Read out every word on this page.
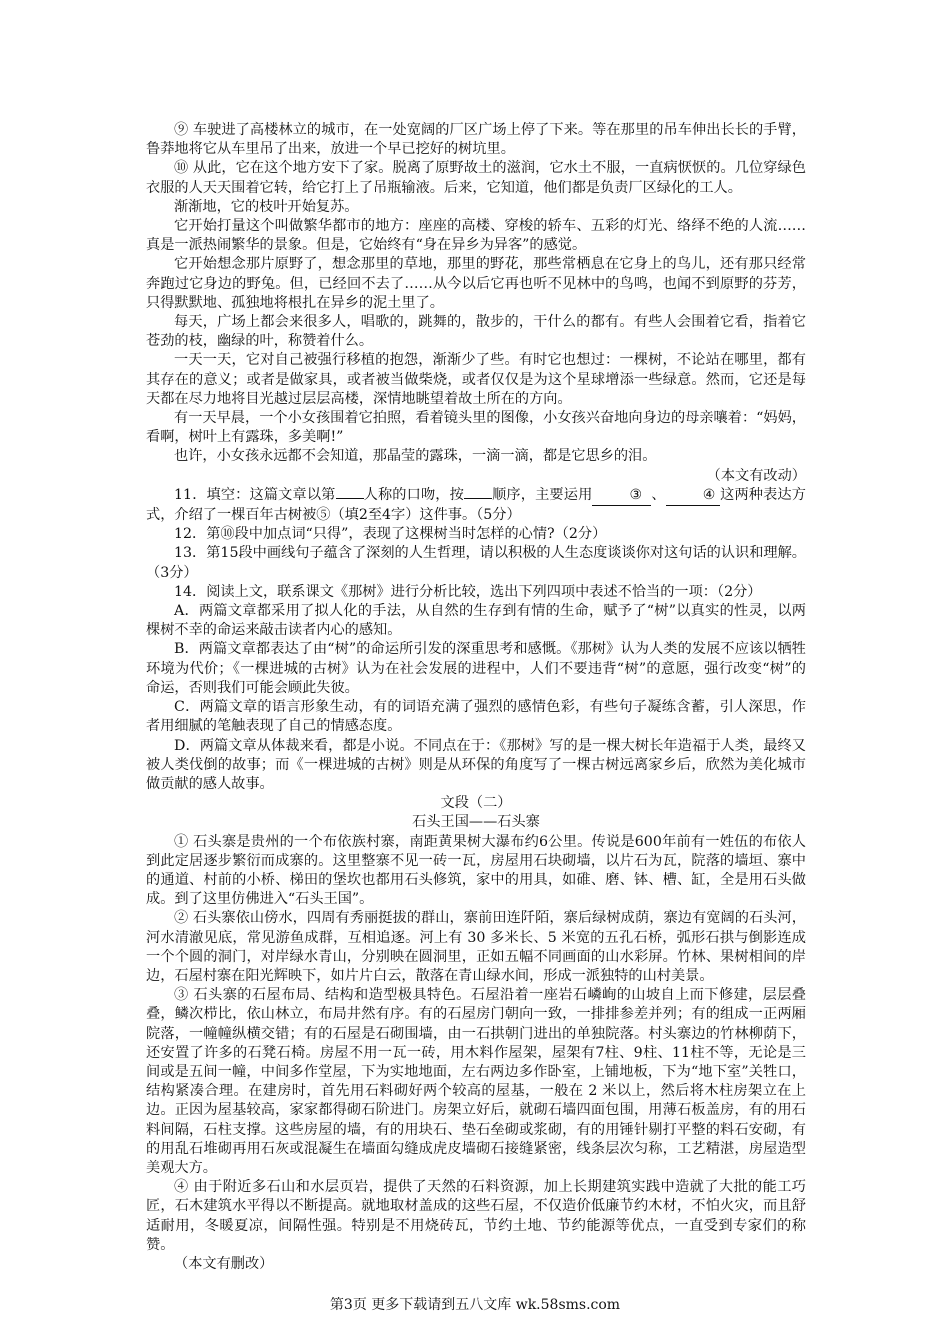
⑨ 车驶进了高楼林立的城市，在一处宽阔的厂区广场上停了下来。等在那里的吊车伸出长长的手臂，鲁莽地将它从车里吊了出来，放进一个早已挖好的树坑里。

⑩ 从此，它在这个地方安下了家。脱离了原野故土的滋润，它水土不服，一直病恹恹的。几位穿绿色衣服的人天天围着它转，给它打上了吊瓶输液。后来，它知道，他们都是负责厂区绿化的工人。

渐渐地，它的枝叶开始复苏。

它开始打量这个叫做繁华都市的地方：座座的高楼、穿梭的轿车、五彩的灯光、络绎不绝的人流……真是一派热闹繁华的景象。但是，它始终有“身在异乡为异客”的感觉。

它开始想念那片原野了，想念那里的草地，那里的野花，那些常栖息在它身上的鸟儿，还有那只经常奔跑过它身边的野兔。但，已经回不去了……从今以后它再也听不见林中的鸟鸣，也闻不到原野的芬芳，只得默默地、孤独地将根扎在异乡的泥土里了。

每天，广场上都会来很多人，唱歌的，跳舞的，散步的，干什么的都有。有些人会围着它看，指着它苍劲的枝，幽绿的叶，称赞着什么。

一天一天，它对自己被强行移植的抱怨，渐渐少了些。有时它也想过：一棵树，不论站在哪里，都有其存在的意义；或者是做家具，或者被当做柴烧，或者仅仅是为这个星球增添一些绿意。然而，它还是每天都在尽力地将目光越过层层高楼，深情地眺望着故土所在的方向。

有一天早晨，一个小女孩围着它拍照，看着镜头里的图像，小女孩兴奋地向身边的母亲嚷着：“妈妈，看啊，树叶上有露珠，多美啊!”

也许，小女孩永远都不会知道，那晶莹的露珠，一滴一滴，都是它思乡的泪。

（本文有改动）

11．填空：这篇文章以第 人称的口吻，按 顺序，主要运用	③ 、	④ 这两种表达方式，介绍了一棵百年古树被⑤（填2至4字）这件事。（5分）

12．第⑩段中加点词“只得”，表现了这棵树当时怎样的心情?（2分）

13．第15段中画线句子蕴含了深刻的人生哲理，请以积极的人生态度谈谈你对这句话的认识和理解。（3分）

14．阅读上文，联系课文《那树》进行分析比较，选出下列四项中表述不恰当的一项：（2分）

A．两篇文章都采用了拟人化的手法，从自然的生存到有情的生命，赋予了“树”以真实的性灵，以两棵树不幸的命运来敲击读者内心的感知。

B．两篇文章都表达了由“树”的命运所引发的深重思考和感慨。《那树》认为人类的发展不应该以牺牲环境为代价；《一棵进城的古树》认为在社会发展的进程中，人们不要违背“树”的意愿，强行改变“树”的命运，否则我们可能会顾此失彼。

C．两篇文章的语言形象生动，有的词语充满了强烈的感情色彩，有些句子凝练含蓄，引人深思，作者用细腻的笔触表现了自己的情感态度。

D．两篇文章从体裁来看，都是小说。不同点在于：《那树》写的是一棵大树长年造福于人类，最终又被人类伐倒的故事；而《一棵进城的古树》则是从环保的角度写了一棵古树远离家乡后，欣然为美化城市做贡献的感人故事。

文段（二）

石头王国——石头寨

① 石头寨是贵州的一个布依族村寨，南距黄果树大瀑布约6公里。传说是600年前有一姓伍的布依人到此定居逐步繁衍而成寨的。这里整寨不见一砖一瓦，房屋用石块砌墙，以片石为瓦，院落的墙垣、寨中的通道、村前的小桥、梯田的堡坎也都用石头修筑，家中的用具，如碓、磨、钵、槽、缸，全是用石头做成。到了这里仿佛进入“石头王国”。

② 石头寨依山傍水，四周有秀丽挺拔的群山，寨前田连阡陌，寨后绿树成荫，寨边有宽阔的石头河，河水清澈见底，常见游鱼成群，互相追逐。河上有 30 多米长、5 米宽的五孔石桥，弧形石拱与倒影连成一个个圆的洞门，对岸绿水青山，分别映在圆洞里，正如五幅不同画面的山水彩屏。竹林、果树相间的岸边，石屋村寨在阳光辉映下，如片片白云，散落在青山绿水间，形成一派独特的山村美景。

③ 石头寨的石屋布局、结构和造型极具特色。石屋沿着一座岩石嶙峋的山坡自上而下修建，层层叠叠，鳞次栉比，依山林立，布局井然有序。有的石屋房门朝向一致，一排排参差并列；有的组成一正两厢院落，一幢幢纵横交错；有的石屋是石砌围墙，由一石拱朝门进出的单独院落。村头寨边的竹林柳荫下，还安置了许多的石凳石椅。房屋不用一瓦一砖，用木料作屋架，屋架有7柱、9柱、11柱不等，无论是三间或是五间一幢，中间多作堂屋，下为实地地面，左右两边多作卧室，上铺地板，下为“地下室”关牲口，结构紧凑合理。在建房时，首先用石料砌好两个较高的屋基，一般在 2 米以上，然后将木柱房架立在上边。正因为屋基较高，家家都得砌石阶进门。房架立好后，就砌石墙四面包围，用薄石板盖房，有的用石料间隔，石柱支撑。这些房屋的墙，有的用块石、垫石垒砌或浆砌，有的用锤针剔打平整的料石安砌，有的用乱石堆砌再用石灰或混凝生在墙面勾缝成虎皮墙砌石接缝紧密，线条层次匀称，工艺精湛，房屋造型美观大方。

④ 由于附近多石山和水层页岩，提供了天然的石料资源，加上长期建筑实践中造就了大批的能工巧匠，石木建筑水平得以不断提高。就地取材盖成的这些石屋，不仅造价低廉节约木材，不怕火灾，而且舒适耐用，冬暖夏凉，间隔性强。特别是不用烧砖瓦，节约土地、节约能源等优点，一直受到专家们的称赞。

（本文有删改）

第3页 更多下载请到五八文库 wk.58sms.com
